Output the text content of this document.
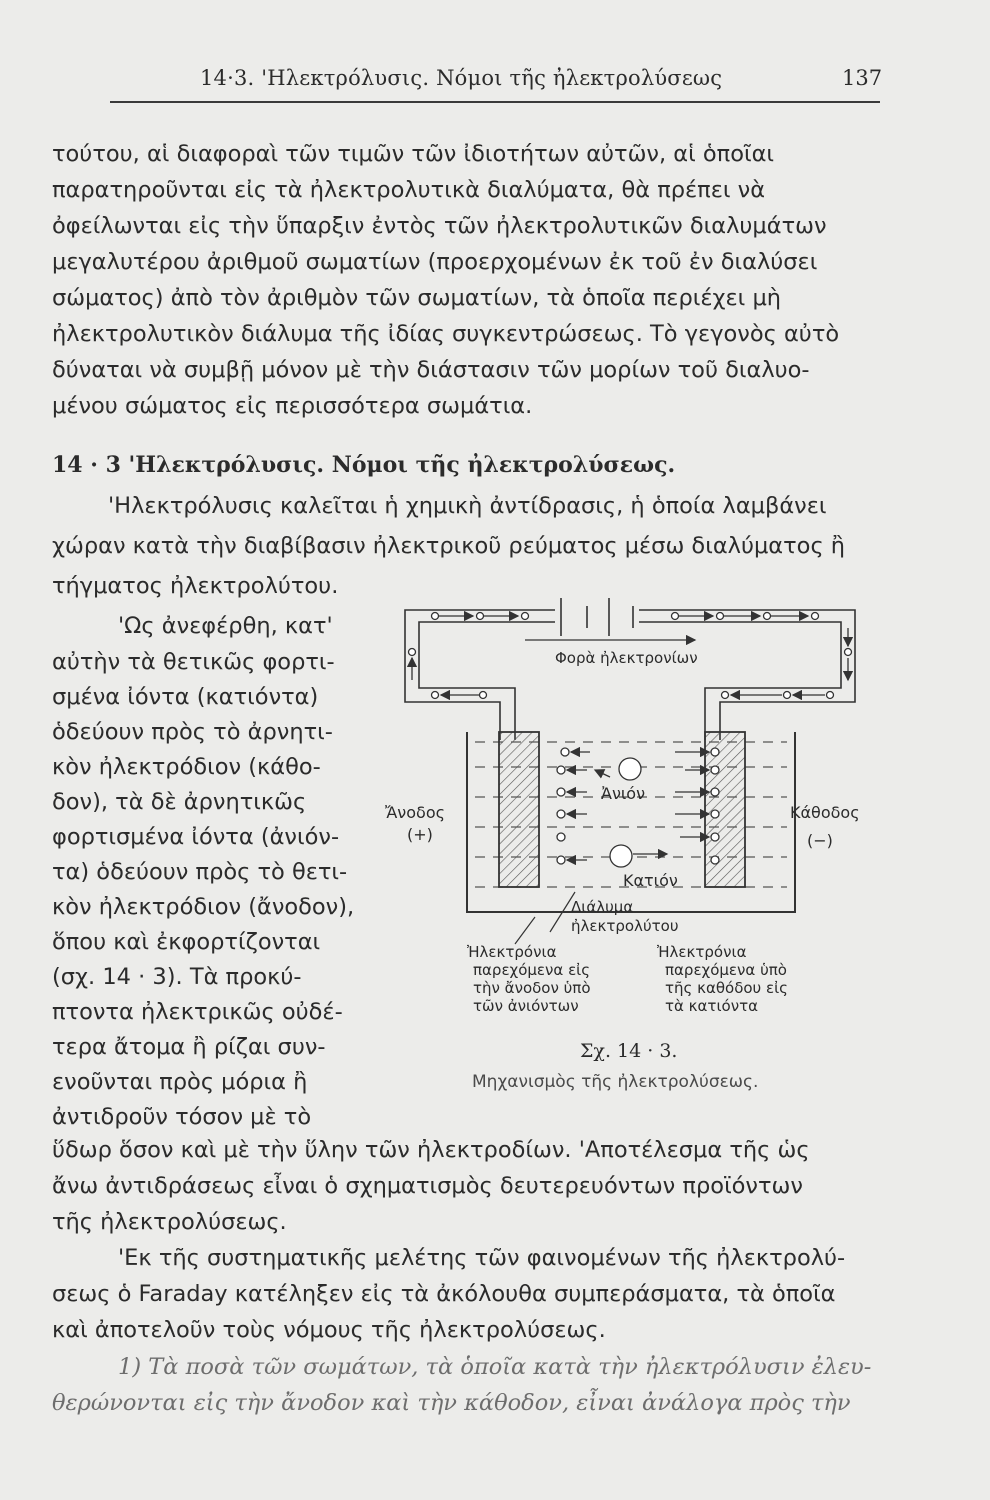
14·3. 'Ηλεκτρόλυσις. Νόμοι τῆς ἠλεκτρολύσεως	137
τούτου, αἱ διαφοραὶ τῶν τιμῶν τῶν ἰδιοτήτων αὐτῶν, αἱ ὁποῖαι
παρατηροῦνται εἰς τὰ ἠλεκτρολυτικὰ διαλύματα, θὰ πρέπει νὰ
ὀφείλωνται εἰς τὴν ὕπαρξιν ἐντὸς τῶν ἠλεκτρολυτικῶν διαλυμάτων
μεγαλυτέρου ἀριθμοῦ σωματίων (προερχομένων ἐκ τοῦ ἐν διαλύσει
σώματος) ἀπὸ τὸν ἀριθμὸν τῶν σωματίων, τὰ ὁποῖα περιέχει μὴ
ἠλεκτρολυτικὸν διάλυμα τῆς ἰδίας συγκεντρώσεως. Τὸ γεγονὸς αὐτὸ
δύναται νὰ συμβῇ μόνον μὲ τὴν διάστασιν τῶν μορίων τοῦ διαλυο-
μένου σώματος εἰς περισσότερα σωμάτια.
14 · 3 'Ηλεκτρόλυσις. Νόμοι τῆς ἠλεκτρολύσεως.
'Ηλεκτρόλυσις καλεῖται ἡ χημικὴ ἀντίδρασις, ἡ ὁποία λαμβάνει
χώραν κατὰ τὴν διαβίβασιν ἠλεκτρικοῦ ρεύματος μέσω διαλύματος ἢ
τήγματος ἠλεκτρολύτου.
'Ως ἀνεφέρθη, κατ'
αὐτὴν τὰ θετικῶς φορτι-
σμένα ἰόντα (κατιόντα)
ὁδεύουν πρὸς τὸ ἀρνητι-
κὸν ἠλεκτρόδιον (κάθο-
δον), τὰ δὲ ἀρνητικῶς
φορτισμένα ἰόντα (ἀνιόν-
τα) ὁδεύουν πρὸς τὸ θετι-
κὸν ἠλεκτρόδιον (ἄνοδον),
ὅπου καὶ ἐκφορτίζονται
(σχ. 14 · 3). Τὰ προκύ-
πτοντα ἠλεκτρικῶς οὐδέ-
τερα ἄτομα ἢ ρίζαι συν-
ενοῦνται πρὸς μόρια ἢ
ἀντιδροῦν τόσον μὲ τὸ
Φορὰ ἠλεκτρονίων
Ἀνιόν
Κατιόν
Διάλυμα
ἠλεκτρολύτου
Ἄνοδος
(+)
Κάθοδος
(−)
Ἠλεκτρόνια
παρεχόμενα εἰς
τὴν ἄνοδον ὑπὸ
τῶν ἀνιόντων
Ἠλεκτρόνια
παρεχόμενα ὑπὸ
τῆς καθόδου εἰς
τὰ κατιόντα
Σχ. 14 · 3.
Μηχανισμὸς τῆς ἠλεκτρολύσεως.
ὕδωρ ὅσον καὶ μὲ τὴν ὕλην τῶν ἠλεκτροδίων. 'Αποτέλεσμα τῆς ὡς
ἄνω ἀντιδράσεως εἶναι ὁ σχηματισμὸς δευτερευόντων προϊόντων
τῆς ἠλεκτρολύσεως.
'Εκ τῆς συστηματικῆς μελέτης τῶν φαινομένων τῆς ἠλεκτρολύ-
σεως ὁ Faraday κατέληξεν εἰς τὰ ἀκόλουθα συμπεράσματα, τὰ ὁποῖα
καὶ ἀποτελοῦν τοὺς νόμους τῆς ἠλεκτρολύσεως.
1) Τὰ ποσὰ τῶν σωμάτων, τὰ ὁποῖα κατὰ τὴν ἠλεκτρόλυσιν ἐλευ-
θερώνονται εἰς τὴν ἄνοδον καὶ τὴν κάθοδον, εἶναι ἀνάλογα πρὸς τὴν
